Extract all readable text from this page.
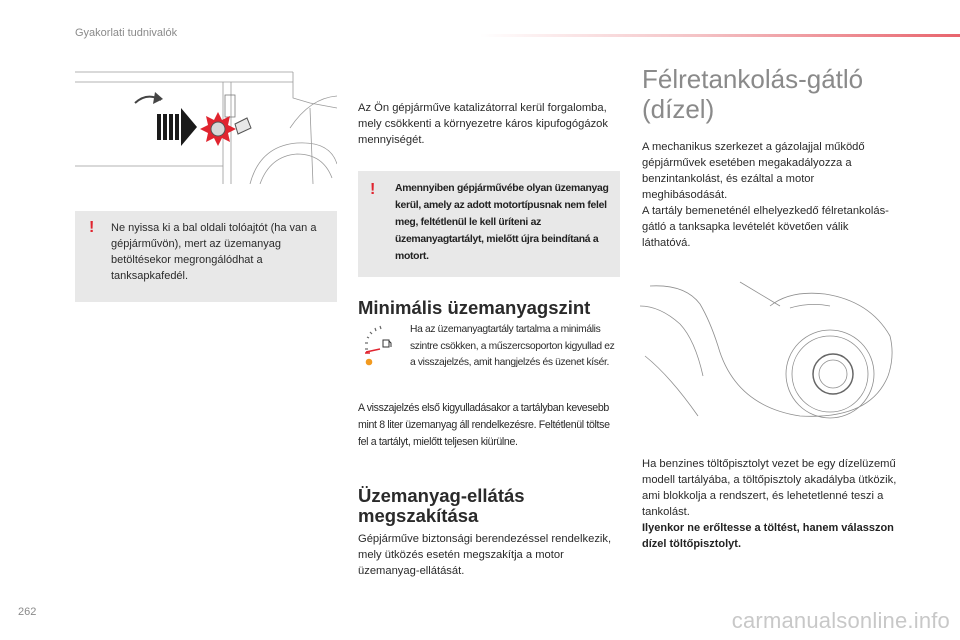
Gyakorlati tudnivalók
! Ne nyissa ki a bal oldali tolóajtót (ha van a gépjárművön), mert az üzemanyag betöltésekor megrongálódhat a tanksapkafedél.

Az Ön gépjárműve katalizátorral kerül forgalomba, mely csökkenti a környezetre káros kipufogógázok mennyiségét.

! Amennyiben gépjárművébe olyan üzemanyag kerül, amely az adott motortípusnak nem felel meg, feltétlenül le kell üríteni az üzemanyagtartályt, mielőtt újra beindítaná a motort.

Minimális üzemanyagszint

Ha az üzemanyagtartály tartalma a minimális szintre csökken, a műszercsoporton kigyullad ez a visszajelzés, amit hangjelzés és üzenet kísér.

A visszajelzés első kigyulladásakor a tartályban kevesebb mint 8 liter üzemanyag áll rendelkezésre. Feltétlenül töltse fel a tartályt, mielőtt teljesen kiürülne.

Üzemanyag-ellátás megszakítása

Gépjárműve biztonsági berendezéssel rendelkezik, mely ütközés esetén megszakítja a motor üzemanyag-ellátását.

Félretankolás-gátló (dízel)

A mechanikus szerkezet a gázolajjal működő gépjárművek esetében megakadályozza a benzintankolást, és ezáltal a motor meghibásodását.
A tartály bemeneténél elhelyezkedő félretankolás-gátló a tanksapka levételét követően válik láthatóvá.

Ha benzines töltőpisztolyt vezet be egy dízelüzemű modell tartályába, a töltőpisztoly akadályba ütközik, ami blokkolja a rendszert, és lehetetlenné teszi a tankolást.

Ilyenkor ne erőltesse a töltést, hanem válasszon dízel töltőpisztolyt.

262	carmanualsonline.info
